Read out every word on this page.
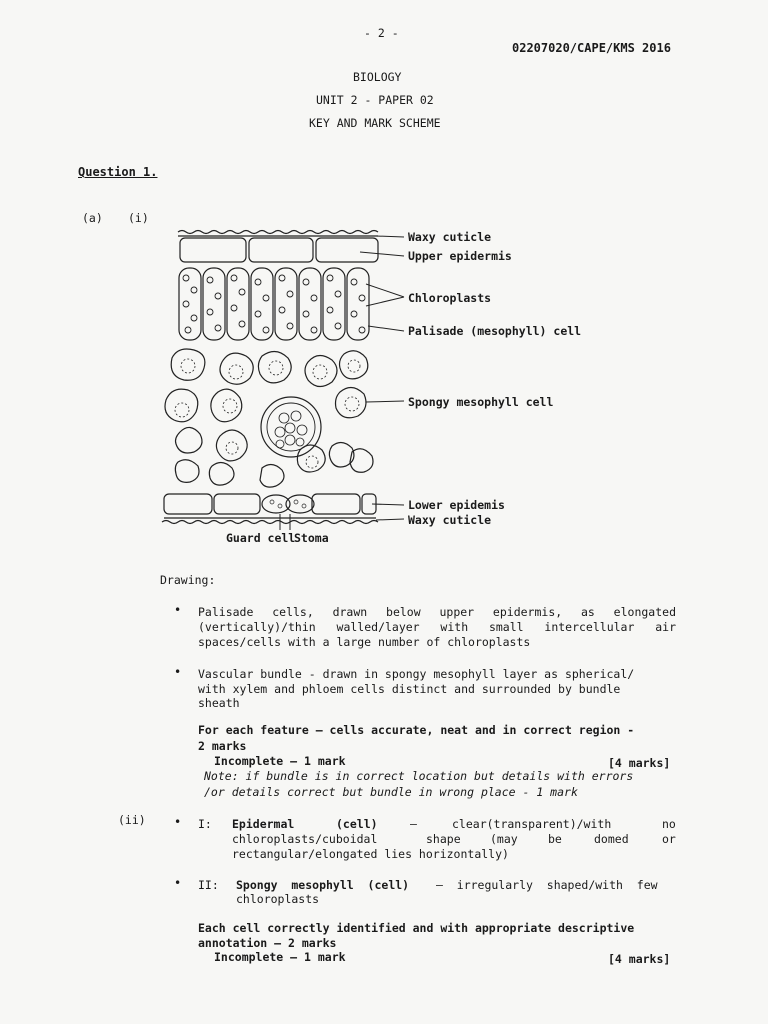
- 2 -
02207020/CAPE/KMS 2016
BIOLOGY
UNIT 2 - PAPER 02
KEY AND MARK SCHEME
Question 1.
(a) (i)
Waxy cuticle
Upper epidermis
Chloroplasts
Palisade (mesophyll) cell
Spongy mesophyll cell
Lower epidemis
Waxy cuticle
Guard cell
Stoma
Drawing:
• Palisade cells, drawn below upper epidermis, as elongated
(vertically)/thin walled/layer with small intercellular air
spaces/cells with a large number of chloroplasts
• Vascular bundle - drawn in spongy mesophyll layer as spherical/
with xylem and phloem cells distinct and surrounded by bundle
sheath
For each feature — cells accurate, neat and in correct region -
2 marks
Incomplete — 1 mark	[4 marks]
Note: if bundle is in correct location but details with errors
/or details correct but bundle in wrong place - 1 mark
(ii) • I: Epidermal	(cell)	—	clear(transparent)/with	no
chloroplasts/cuboidal	shape	(may	be	domed	or
rectangular/elongated lies horizontally)
• II: Spongy  mesophyll  (cell) —  irregularly  shaped/with  few
chloroplasts
Each cell correctly identified and with appropriate descriptive
annotation — 2 marks
Incomplete — 1 mark	[4 marks]
